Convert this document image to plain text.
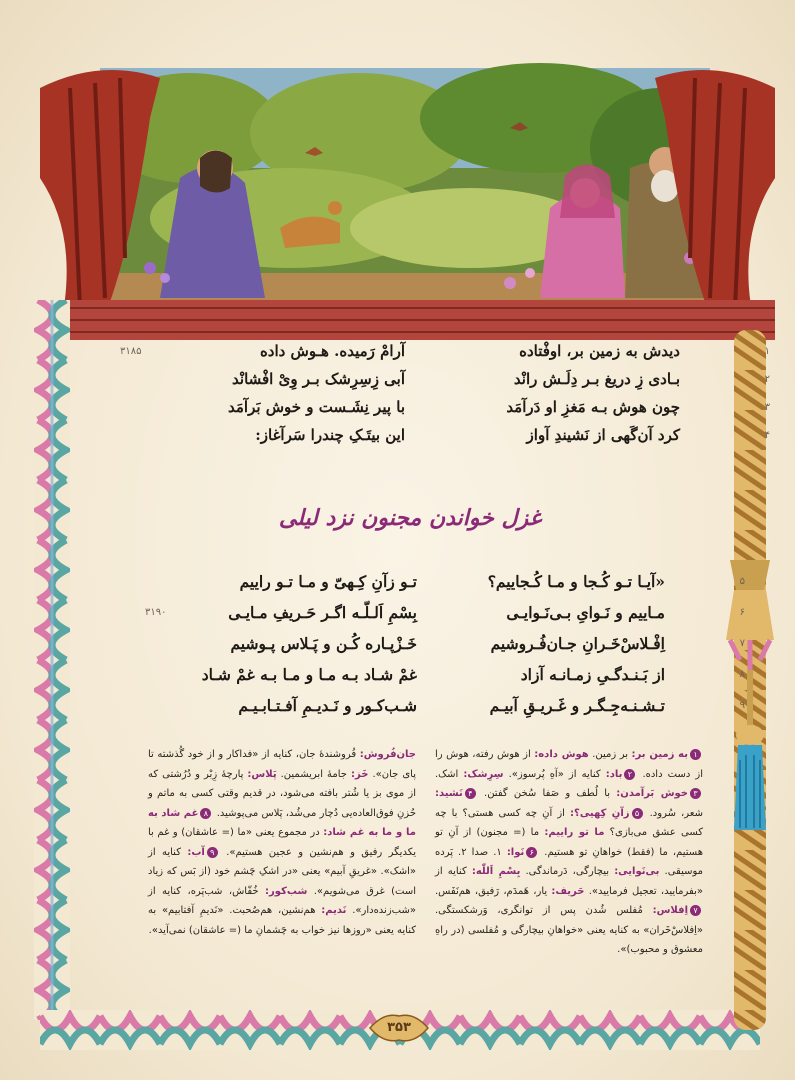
۱
دیدش به زمین بر، اوفْتاده
آرامْ رَمیده. هـوش داده
۳۱۸۵
۲
بـادی زِ دریغ بـر دِلَـش رانْد
آبی زِسِرِشک بـر وِیْ افْشانْد
۳
چون هوش بـه مَغزِ او دَرآمَد
با پیر نِشَـست و خوش بَرآمَد
۴
کرد آن‌گَهی از نَشیندِ آواز
این بیتَـکِ چندرا سَرآغاز:
غزل خواندن مجنون نزد لیلی
۵
«آیـا تـو کُـجا و مـا کُـجاییم؟
تـو زآنِ کِـهیّ و مـا تـو راییم
۶
مـاییم و نَـوایِ بـی‌نَـوایـی
بِسْمِ اَلـلّـه اگـر حَـریفِ مـایـی
۳۱۹۰
۷
اِفْـلاسْ‌خَـرانِ جـان‌فُـروشیم
خَـزْپـاره کُـن و پَـلاس پـوشیم
۸
از بَـنـدگـیِ زمـانـه آزاد
غمْ شـاد بـه مـا و مـا بـه غمْ شـاد
۹
تـشـنـه‌جِـگـر و غَـریـقِ آبیـم
شـب‌کـور و نَـدیـمِ آفـتـابـیـم

۱به زمین بر: بر زمین. هوش داده: از هوش رفته، هوش را از دست داده. ۲باد: کنایه از «آهِ پُرسوز». سِرِشک: اشک. ۳خوش بَرآمدن: با لُطف و صَفا سُخن گفتن. ۴نَشید: شعر، سُرود. ۵زآنِ کِهیی؟: از آنِ چه کسی هستی؟ با چه کسی عشق می‌بازی؟ ما تو راییم: ما (= مجنون) از آنِ تو هستیم، ما (فقط) خواهانِ تو هستیم. ۶نَوا: ۱. صدا ۲. پَرده موسیقی. بی‌نَوایی: بیچارگی، دَرماندگی. بِسْمِ اَللّٰه: کنایه از «بفرمایید، تعجیل فرمایید». حَریف: یار، هَمدَم، رَفیق، هم‌نَفَس. ۷اِفلاس: مُفلس شُدن پس از توانگری، وَرشکستگی. «اِفلاسْ‌خَران» به کنایه یعنی «خواهانِ بیچارگی و مُفلسی (در راهِ معشوق و محبوب)».

جان‌فُروش: فُروشندهٔ جان، کنایه از «فداکار و از خود گُذشته تا پای جان». خَز: جامهٔ ابریشمین. پَلاس: پارچهٔ زِبْر و دُرُشتی که از موی بز یا شُتر بافته می‌شود، در قدیم وقتی کسی به ماتم و حُزنِ فوق‌العاده‌یی دُچار می‌شُد، پَلاس می‌پوشید. ۸غم شاد به ما و ما به غم شاد: در مجموع یعنی «ما (= عاشقان) و غم با یکدیگر رفیق و هم‌نشین و عجین هستیم». ۹آب: کنایه از «اشک». «غریقِ آبیم» یعنی «در اشکِ چَشم خود (از بَس که زیاد است) غرق می‌شویم». شب‌کور: خُفّاش، شب‌پَره، کنایه از «شب‌زنده‌دار». نَدیم: هم‌نشین، هم‌صُحبت. «نَدیمِ آفتابیم» به کنایه یعنی «روزها نیز خواب به چَشمانِ ما (= عاشقان) نمی‌آید».

۳۵۳
